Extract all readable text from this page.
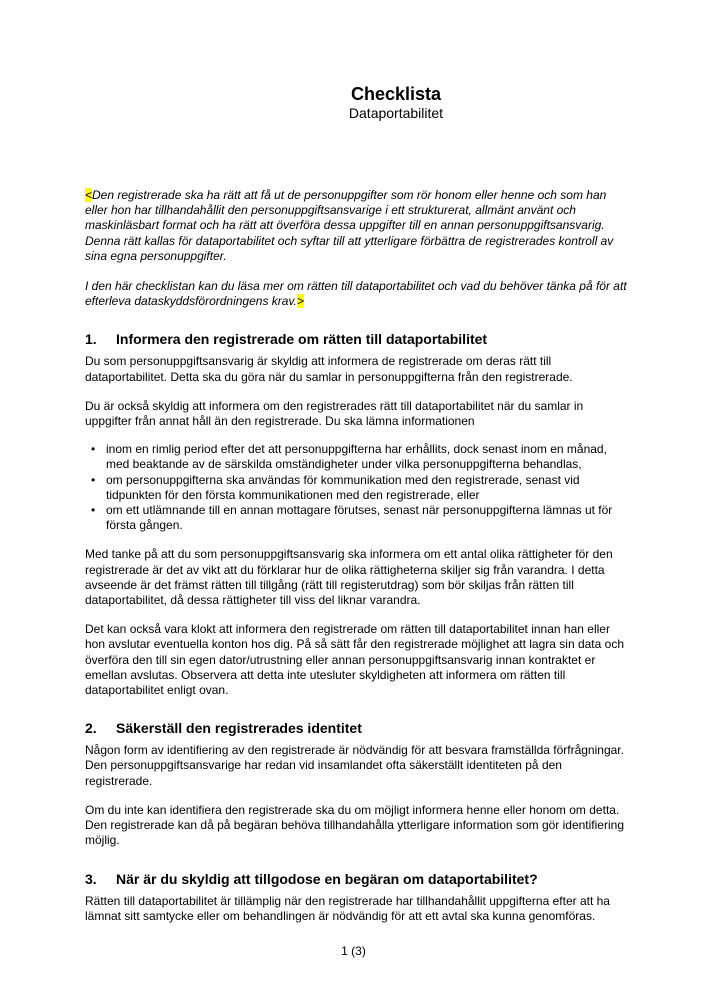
Checklista
Dataportabilitet

<Den registrerade ska ha rätt att få ut de personuppgifter som rör honom eller henne och som han eller hon har tillhandahållit den personuppgiftsansvarige i ett strukturerat, allmänt använt och maskinläsbart format och ha rätt att överföra dessa uppgifter till en annan personuppgiftsansvarig. Denna rätt kallas för dataportabilitet och syftar till att ytterligare förbättra de registrerades kontroll av sina egna personuppgifter.

I den här checklistan kan du läsa mer om rätten till dataportabilitet och vad du behöver tänka på för att efterleva dataskyddsförordningens krav.>

1.	Informera den registrerade om rätten till dataportabilitet

Du som personuppgiftsansvarig är skyldig att informera de registrerade om deras rätt till dataportabilitet. Detta ska du göra när du samlar in personuppgifterna från den registrerade.

Du är också skyldig att informera om den registrerades rätt till dataportabilitet när du samlar in uppgifter från annat håll än den registrerade. Du ska lämna informationen

• inom en rimlig period efter det att personuppgifterna har erhållits, dock senast inom en månad, med beaktande av de särskilda omständigheter under vilka personuppgifterna behandlas,
• om personuppgifterna ska användas för kommunikation med den registrerade, senast vid tidpunkten för den första kommunikationen med den registrerade, eller
• om ett utlämnande till en annan mottagare förutses, senast när personuppgifterna lämnas ut för första gången.

Med tanke på att du som personuppgiftsansvarig ska informera om ett antal olika rättigheter för den registrerade är det av vikt att du förklarar hur de olika rättigheterna skiljer sig från varandra. I detta avseende är det främst rätten till tillgång (rätt till registerutdrag) som bör skiljas från rätten till dataportabilitet, då dessa rättigheter till viss del liknar varandra.

Det kan också vara klokt att informera den registrerade om rätten till dataportabilitet innan han eller hon avslutar eventuella konton hos dig. På så sätt får den registrerade möjlighet att lagra sin data och överföra den till sin egen dator/utrustning eller annan personuppgiftsansvarig innan kontraktet er emellan avslutas. Observera att detta inte utesluter skyldigheten att informera om rätten till dataportabilitet enligt ovan.

2.	Säkerställ den registrerades identitet

Någon form av identifiering av den registrerade är nödvändig för att besvara framställda förfrågningar. Den personuppgiftsansvarige har redan vid insamlandet ofta säkerställt identiteten på den registrerade.

Om du inte kan identifiera den registrerade ska du om möjligt informera henne eller honom om detta. Den registrerade kan då på begäran behöva tillhandahålla ytterligare information som gör identifiering möjlig.

3.	När är du skyldig att tillgodose en begäran om dataportabilitet?

Rätten till dataportabilitet är tillämplig när den registrerade har tillhandahållit uppgifterna efter att ha lämnat sitt samtycke eller om behandlingen är nödvändig för att ett avtal ska kunna genomföras.

1 (3)
